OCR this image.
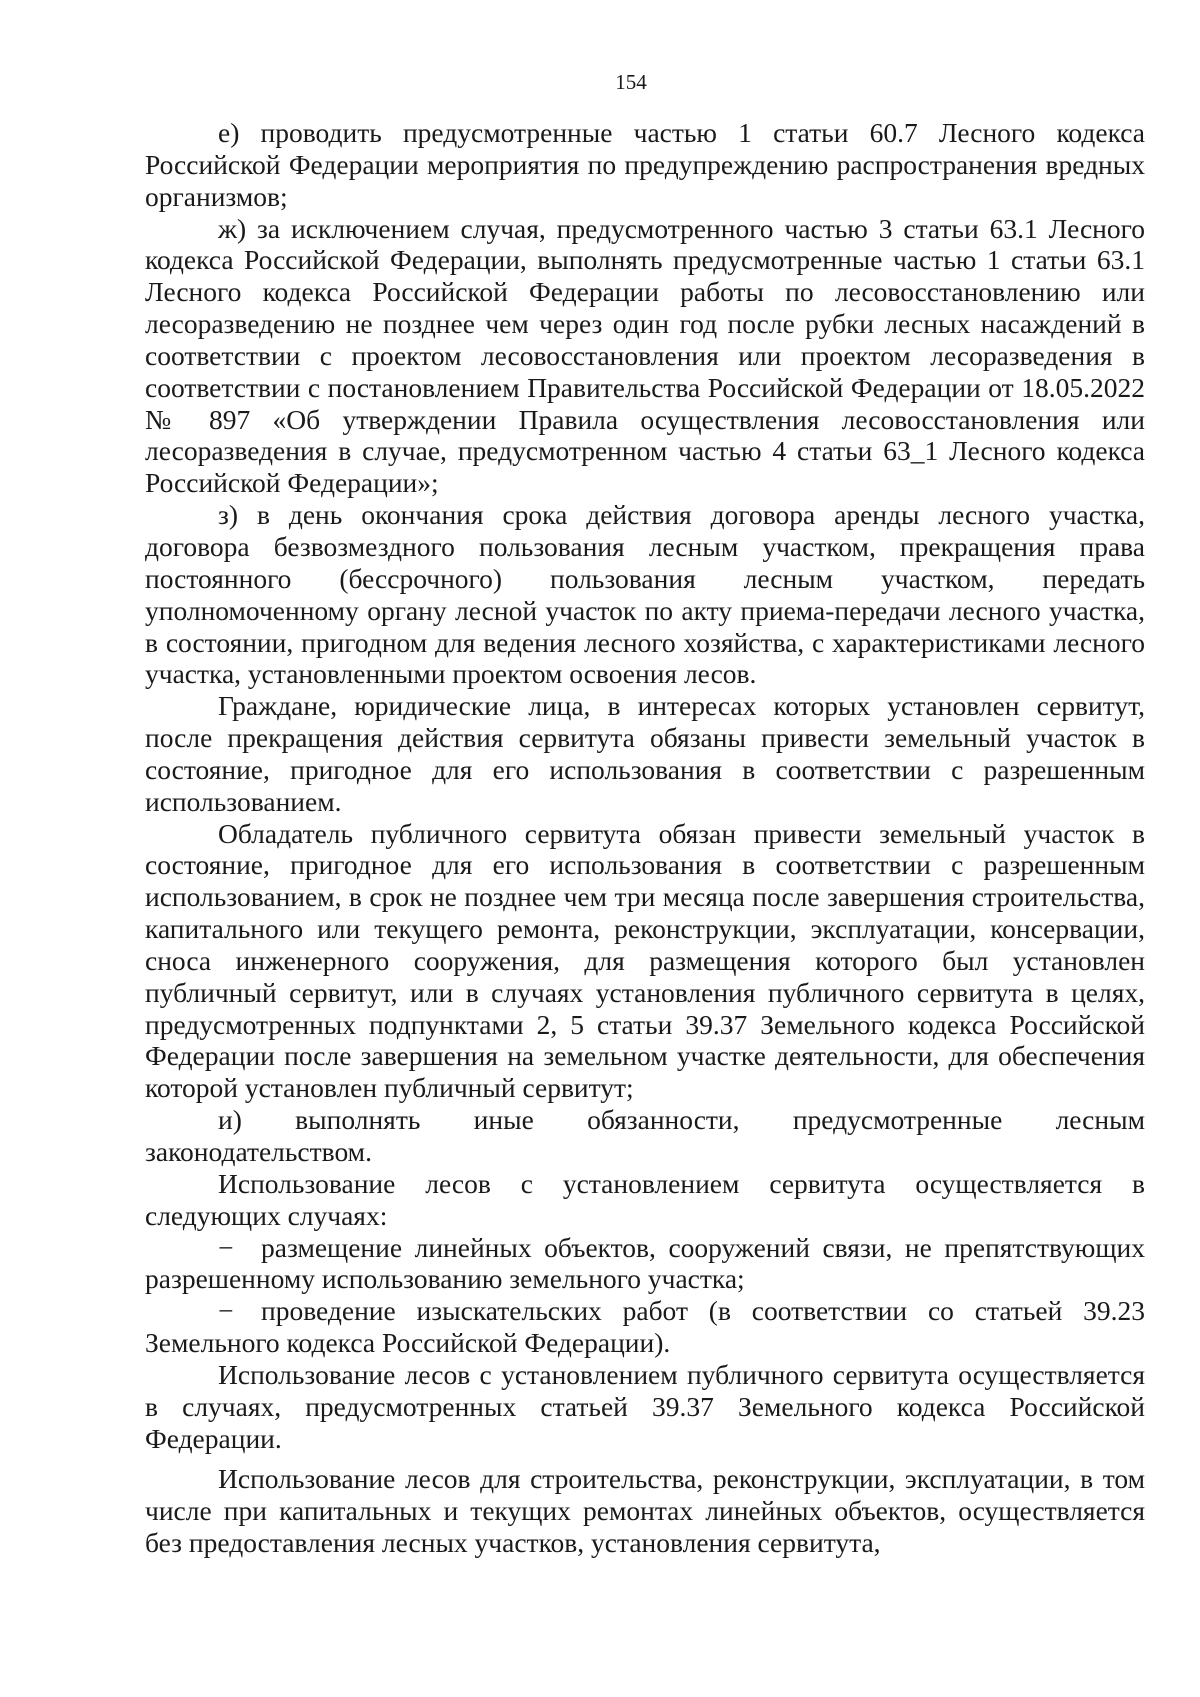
154

е) проводить предусмотренные частью 1 статьи 60.7 Лесного кодекса Российской Федерации мероприятия по предупреждению распространения вредных организмов;

ж) за исключением случая, предусмотренного частью 3 статьи 63.1 Лесного кодекса Российской Федерации, выполнять предусмотренные частью 1 статьи 63.1 Лесного кодекса Российской Федерации работы по лесовосстановлению или лесоразведению не позднее чем через один год после рубки лесных насаждений в соответствии с проектом лесовосстановления или проектом лесоразведения в соответствии с постановлением Правительства Российской Федерации от 18.05.2022 № 897 «Об утверждении Правила осуществления лесовосстановления или лесоразведения в случае, предусмотренном частью 4 статьи 63_1 Лесного кодекса Российской Федерации»;

з) в день окончания срока действия договора аренды лесного участка, договора безвозмездного пользования лесным участком, прекращения права постоянного (бессрочного) пользования лесным участком, передать уполномоченному органу лесной участок по акту приема-передачи лесного участка, в состоянии, пригодном для ведения лесного хозяйства, с характеристиками лесного участка, установленными проектом освоения лесов.

Граждане, юридические лица, в интересах которых установлен сервитут, после прекращения действия сервитута обязаны привести земельный участок в состояние, пригодное для его использования в соответствии с разрешенным использованием.

Обладатель публичного сервитута обязан привести земельный участок в состояние, пригодное для его использования в соответствии с разрешенным использованием, в срок не позднее чем три месяца после завершения строительства, капитального или текущего ремонта, реконструкции, эксплуатации, консервации, сноса инженерного сооружения, для размещения которого был установлен публичный сервитут, или в случаях установления публичного сервитута в целях, предусмотренных подпунктами 2, 5 статьи 39.37 Земельного кодекса Российской Федерации после завершения на земельном участке деятельности, для обеспечения которой установлен публичный сервитут;

и) выполнять иные обязанности, предусмотренные лесным законодательством.

Использование лесов с установлением сервитута осуществляется в следующих случаях:

− размещение линейных объектов, сооружений связи, не препятствующих разрешенному использованию земельного участка;

− проведение изыскательских работ (в соответствии со статьей 39.23 Земельного кодекса Российской Федерации).

Использование лесов с установлением публичного сервитута осуществляется в случаях, предусмотренных статьей 39.37 Земельного кодекса Российской Федерации.

Использование лесов для строительства, реконструкции, эксплуатации, в том числе при капитальных и текущих ремонтах линейных объектов, осуществляется без предоставления лесных участков, установления сервитута,
